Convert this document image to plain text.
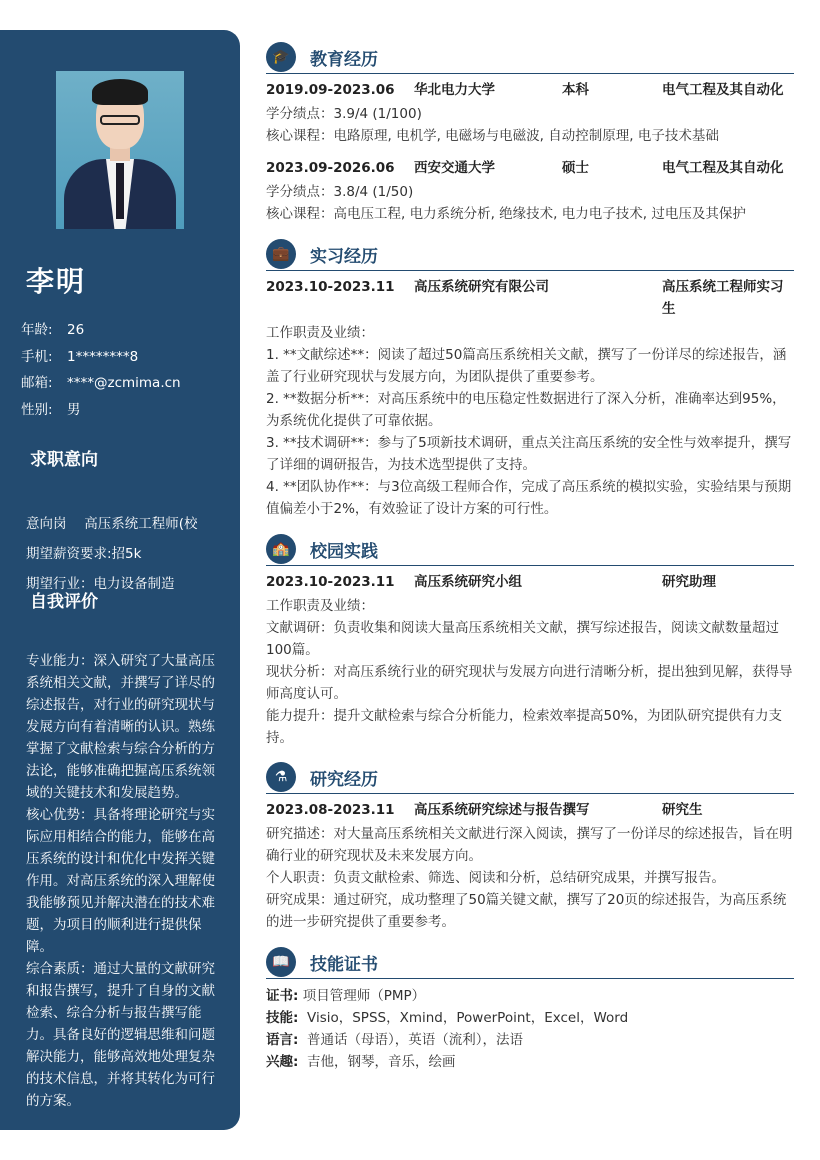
李明
年龄:	26
手机:	1********8
邮箱:	****@zcmima.cn
性别:	男
求职意向
意向岗　 高压系统工程师(校
期望薪资要求:招5k
期望行业：电力设备制造
自我评价
专业能力：深入研究了大量高压系统相关文献，并撰写了详尽的综述报告，对行业的研究现状与发展方向有着清晰的认识。熟练掌握了文献检索与综合分析的方法论，能够准确把握高压系统领域的关键技术和发展趋势。
核心优势：具备将理论研究与实际应用相结合的能力，能够在高压系统的设计和优化中发挥关键作用。对高压系统的深入理解使我能够预见并解决潜在的技术难题，为项目的顺利进行提供保障。
综合素质：通过大量的文献研究和报告撰写，提升了自身的文献检索、综合分析与报告撰写能力。具备良好的逻辑思维和问题解决能力，能够高效地处理复杂的技术信息，并将其转化为可行的方案。
🎓	教育经历
2019.09-2023.06 华北电力大学	本科	电气工程及其自动化
学分绩点：3.9/4 (1/100)
核心课程：电路原理, 电机学, 电磁场与电磁波, 自动控制原理, 电子技术基础
2023.09-2026.06 西安交通大学	硕士	电气工程及其自动化
学分绩点：3.8/4 (1/50)
核心课程：高电压工程, 电力系统分析, 绝缘技术, 电力电子技术, 过电压及其保护
💼	实习经历
2023.10-2023.11 高压系统研究有限公司	高压系统工程师实习生
工作职责及业绩：
1. **文献综述**：阅读了超过50篇高压系统相关文献，撰写了一份详尽的综述报告，涵盖了行业研究现状与发展方向，为团队提供了重要参考。
2. **数据分析**：对高压系统中的电压稳定性数据进行了深入分析，准确率达到95%，为系统优化提供了可靠依据。
3. **技术调研**：参与了5项新技术调研，重点关注高压系统的安全性与效率提升，撰写了详细的调研报告，为技术选型提供了支持。
4. **团队协作**：与3位高级工程师合作，完成了高压系统的模拟实验，实验结果与预期值偏差小于2%，有效验证了设计方案的可行性。
🏫	校园实践
2023.10-2023.11 高压系统研究小组	研究助理
工作职责及业绩：
文献调研：负责收集和阅读大量高压系统相关文献，撰写综述报告，阅读文献数量超过100篇。
现状分析：对高压系统行业的研究现状与发展方向进行清晰分析，提出独到见解，获得导师高度认可。
能力提升：提升文献检索与综合分析能力，检索效率提高50%，为团队研究提供有力支持。
⚗	研究经历
2023.08-2023.11 高压系统研究综述与报告撰写	研究生
研究描述：对大量高压系统相关文献进行深入阅读，撰写了一份详尽的综述报告，旨在明确行业的研究现状及未来发展方向。
个人职责：负责文献检索、筛选、阅读和分析，总结研究成果，并撰写报告。
研究成果：通过研究，成功整理了50篇关键文献，撰写了20页的综述报告，为高压系统的进一步研究提供了重要参考。
📖	技能证书
证书: 项目管理师（PMP）
技能: Visio，SPSS，Xmind，PowerPoint，Excel，Word
语言: 普通话（母语），英语（流利），法语
兴趣: 吉他，钢琴，音乐，绘画
